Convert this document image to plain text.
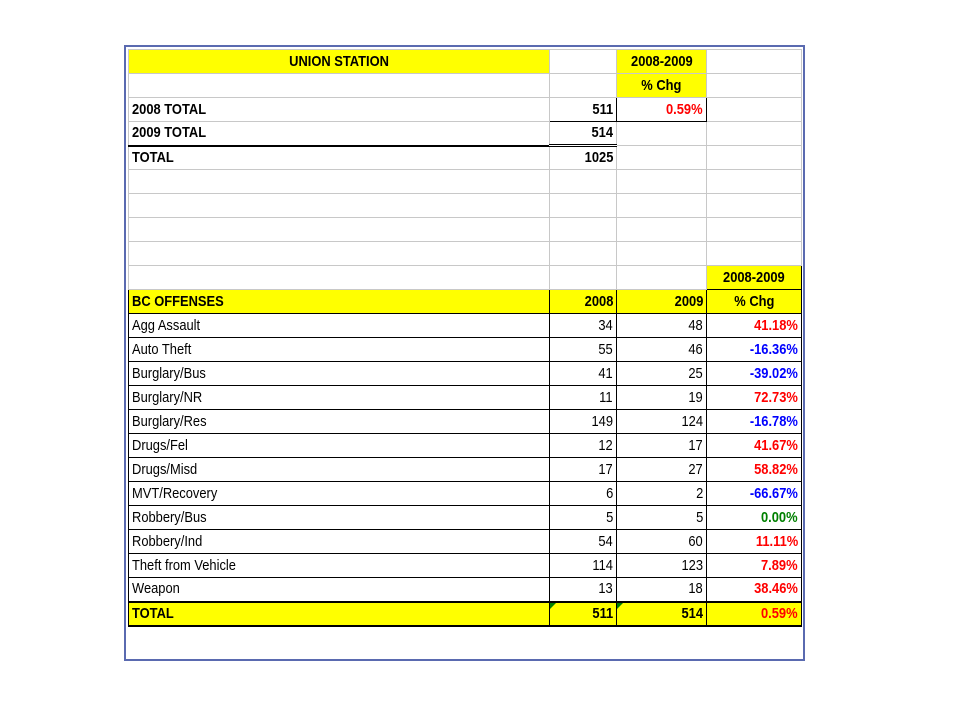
UNION STATION		2008-2009	
		% Chg	
2008 TOTAL	511	0.59%	
2009 TOTAL	514		
TOTAL	1025		

			2008-2009
BC OFFENSES	2008	2009	% Chg
Agg Assault	34	48	41.18%
Auto Theft	55	46	-16.36%
Burglary/Bus	41	25	-39.02%
Burglary/NR	11	19	72.73%
Burglary/Res	149	124	-16.78%
Drugs/Fel	12	17	41.67%
Drugs/Misd	17	27	58.82%
MVT/Recovery	6	2	-66.67%
Robbery/Bus	5	5	0.00%
Robbery/Ind	54	60	11.11%
Theft from Vehicle	114	123	7.89%
Weapon	13	18	38.46%
TOTAL	511	514	0.59%
